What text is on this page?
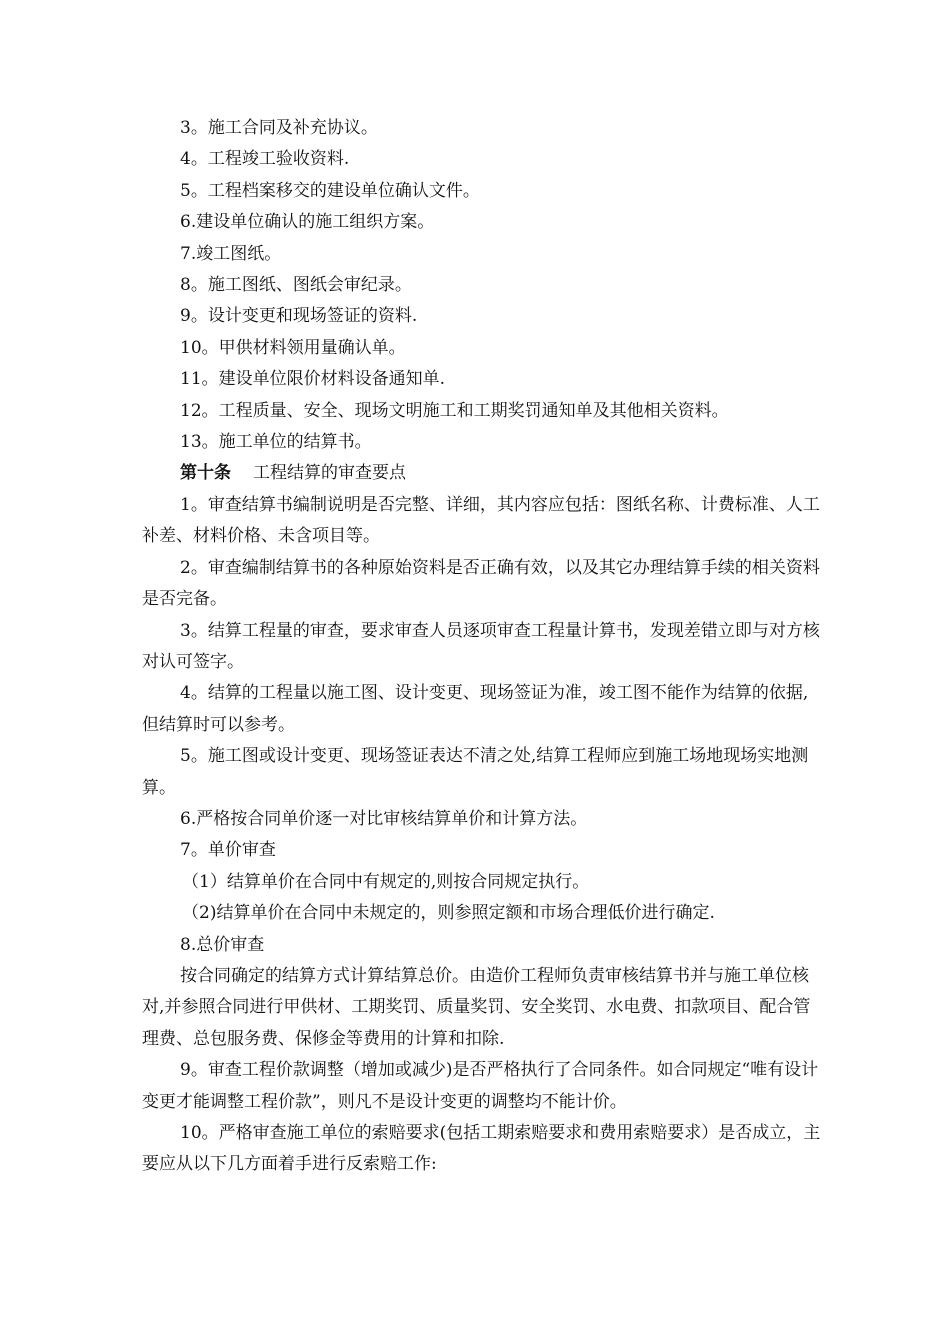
3。施工合同及补充协议。

4。工程竣工验收资料.

5。工程档案移交的建设单位确认文件。

6.建设单位确认的施工组织方案。

7.竣工图纸。

8。施工图纸、图纸会审纪录。

9。设计变更和现场签证的资料.

10。甲供材料领用量确认单。

11。建设单位限价材料设备通知单.

12。工程质量、安全、现场文明施工和工期奖罚通知单及其他相关资料。

13。施工单位的结算书。

第十条 工程结算的审查要点

1。审查结算书编制说明是否完整、详细，其内容应包括：图纸名称、计费标准、人工补差、材料价格、未含项目等。

2。审查编制结算书的各种原始资料是否正确有效，以及其它办理结算手续的相关资料是否完备。

3。结算工程量的审查，要求审查人员逐项审查工程量计算书，发现差错立即与对方核对认可签字。

4。结算的工程量以施工图、设计变更、现场签证为准，竣工图不能作为结算的依据,但结算时可以参考。

5。施工图或设计变更、现场签证表达不清之处,结算工程师应到施工场地现场实地测算。

6.严格按合同单价逐一对比审核结算单价和计算方法。

7。单价审查

（1）结算单价在合同中有规定的,则按合同规定执行。

（2)结算单价在合同中未规定的，则参照定额和市场合理低价进行确定.

8.总价审查

按合同确定的结算方式计算结算总价。由造价工程师负责审核结算书并与施工单位核对,并参照合同进行甲供材、工期奖罚、质量奖罚、安全奖罚、水电费、扣款项目、配合管理费、总包服务费、保修金等费用的计算和扣除.

9。审查工程价款调整（增加或减少)是否严格执行了合同条件。如合同规定“唯有设计变更才能调整工程价款”，则凡不是设计变更的调整均不能计价。

10。严格审查施工单位的索赔要求(包括工期索赔要求和费用索赔要求）是否成立，主要应从以下几方面着手进行反索赔工作:
